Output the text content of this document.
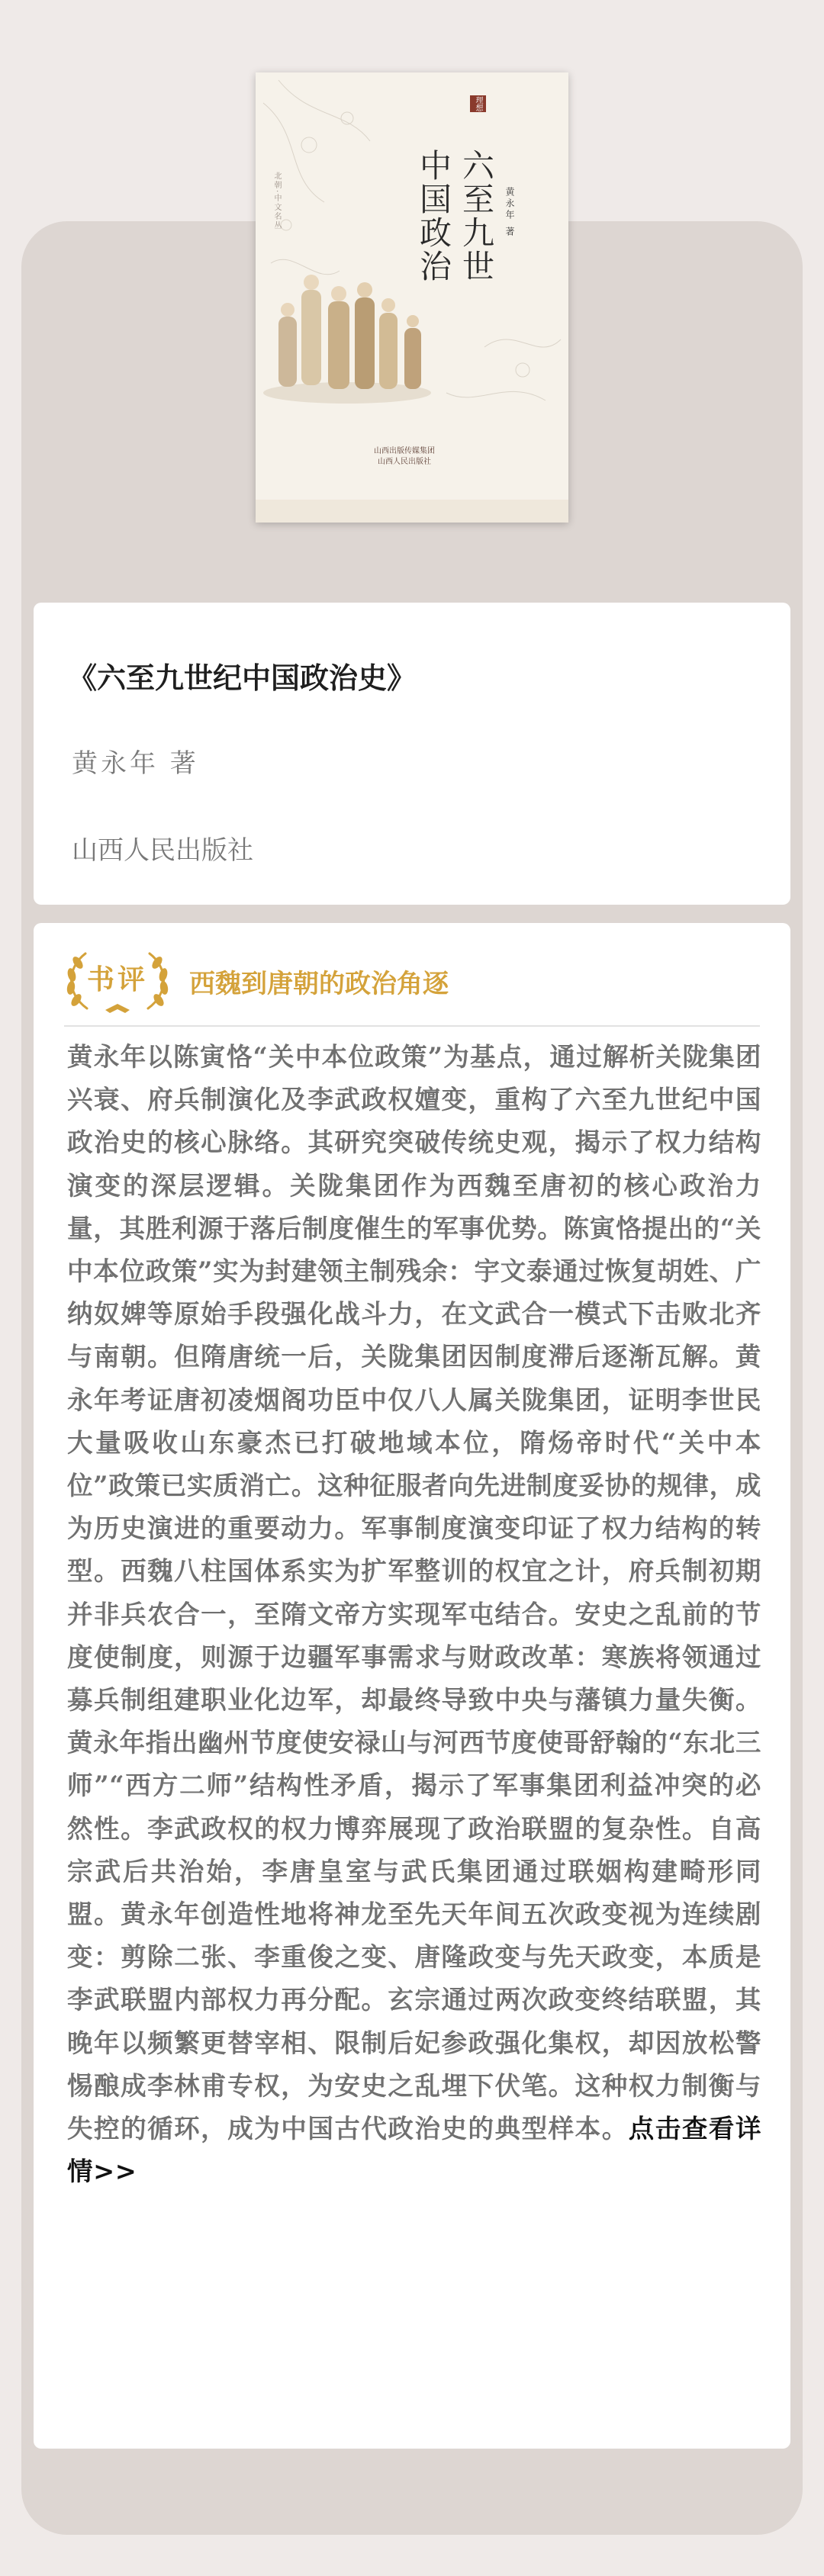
理想
六至九世
中国政治	黄永年 著
北朝·中文名丛
山西出版传媒集团
山西人民出版社
《六至九世纪中国政治史》
黄永年 著
山西人民出版社
书评	西魏到唐朝的政治角逐
黄永年以陈寅恪“关中本位政策”为基点，通过解析关陇集团兴衰、府兵制演化及李武政权嬗变，重构了六至九世纪中国政治史的核心脉络。其研究突破传统史观，揭示了权力结构演变的深层逻辑。关陇集团作为西魏至唐初的核心政治力量，其胜利源于落后制度催生的军事优势。陈寅恪提出的“关中本位政策”实为封建领主制残余：宇文泰通过恢复胡姓、广纳奴婢等原始手段强化战斗力，在文武合一模式下击败北齐与南朝。但隋唐统一后，关陇集团因制度滞后逐渐瓦解。黄永年考证唐初凌烟阁功臣中仅八人属关陇集团，证明李世民大量吸收山东豪杰已打破地域本位，隋炀帝时代“关中本位”政策已实质消亡。这种征服者向先进制度妥协的规律，成为历史演进的重要动力。军事制度演变印证了权力结构的转型。西魏八柱国体系实为扩军整训的权宜之计，府兵制初期并非兵农合一，至隋文帝方实现军屯结合。安史之乱前的节度使制度，则源于边疆军事需求与财政改革：寒族将领通过募兵制组建职业化边军，却最终导致中央与藩镇力量失衡。黄永年指出幽州节度使安禄山与河西节度使哥舒翰的“东北三师”“西方二师”结构性矛盾，揭示了军事集团利益冲突的必然性。李武政权的权力博弈展现了政治联盟的复杂性。自高宗武后共治始，李唐皇室与武氏集团通过联姻构建畸形同盟。黄永年创造性地将神龙至先天年间五次政变视为连续剧变：剪除二张、李重俊之变、唐隆政变与先天政变，本质是李武联盟内部权力再分配。玄宗通过两次政变终结联盟，其晚年以频繁更替宰相、限制后妃参政强化集权，却因放松警惕酿成李林甫专权，为安史之乱埋下伏笔。这种权力制衡与失控的循环，成为中国古代政治史的典型样本。点击查看详情>>
